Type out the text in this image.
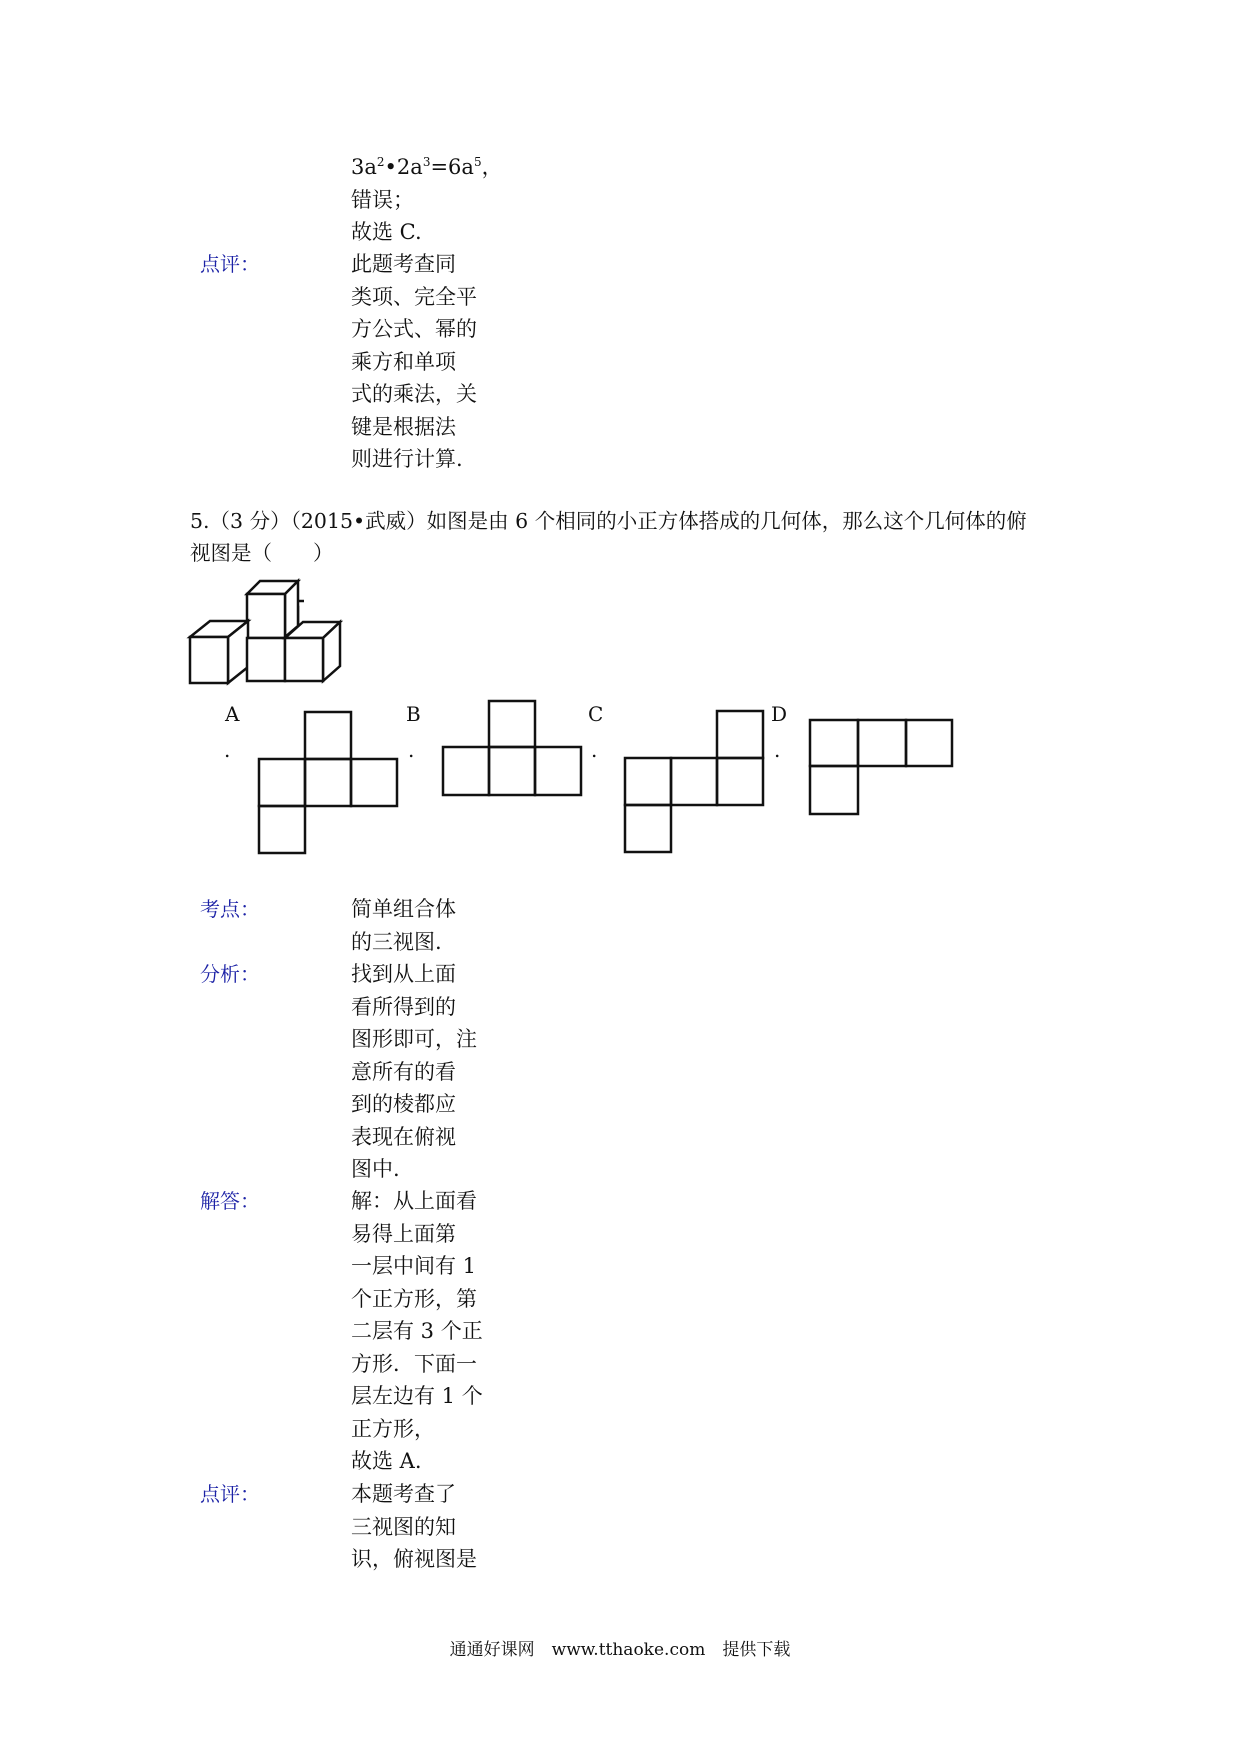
$3a^2•2a^3=6a^5$，
错误；
故选 C.
点评：	此题考查同
类项、完全平
方公式、幂的
乘方和单项
式的乘法，关
键是根据法
则进行计算.
5.（3 分）（2015•武威）如图是由 6 个相同的小正方体搭成的几何体，那么这个几何体的俯
视图是（　　）
A
.
B
.
C
.
D
.
考点：	简单组合体
的三视图.
分析：	找到从上面
看所得到的
图形即可，注
意所有的看
到的棱都应
表现在俯视
图中.
解答：	解：从上面看
易得上面第
一层中间有 1
个正方形，第
二层有 3 个正
方形．下面一
层左边有 1 个
正方形，
故选 A.
点评：	本题考查了
三视图的知
识，俯视图是
通通好课网　www.tthaoke.com　提供下载
